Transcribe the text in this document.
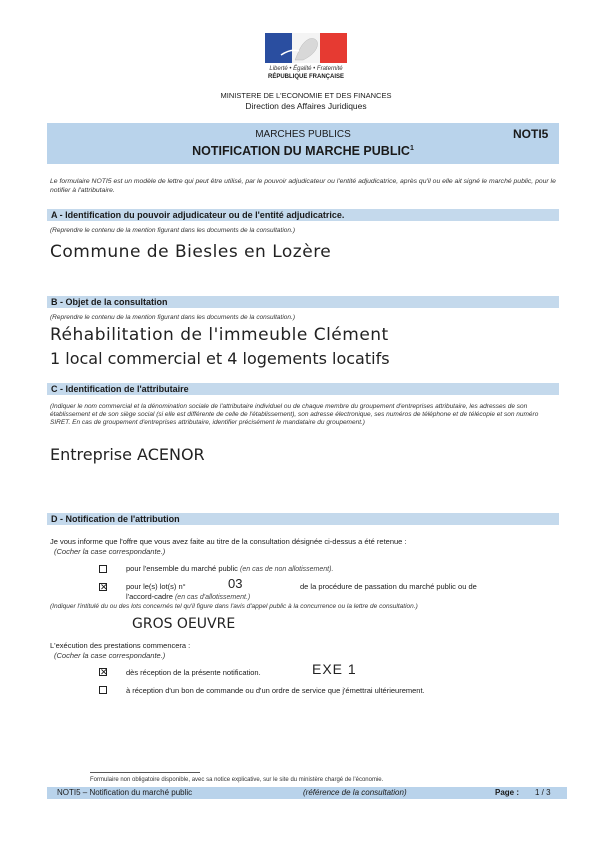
Liberté • Égalité • Fraternité
RÉPUBLIQUE FRANÇAISE
MINISTERE DE L'ECONOMIE ET DES FINANCES
Direction des Affaires Juridiques
MARCHES PUBLICS	NOTI5
NOTIFICATION DU MARCHE PUBLIC$^1$
Le formulaire NOTI5 est un modèle de lettre qui peut être utilisé, par le pouvoir adjudicateur ou l'entité adjudicatrice, après qu'il ou elle ait signé le marché public, pour le notifier à l'attributaire.
A - Identification du pouvoir adjudicateur ou de l'entité adjudicatrice.
(Reprendre le contenu de la mention figurant dans les documents de la consultation.)
Commune de Biesles en Lozère
B - Objet de la consultation
(Reprendre le contenu de la mention figurant dans les documents de la consultation.)
Réhabilitation de l'immeuble Clément
1 local commercial et 4 logements locatifs
C - Identification de l'attributaire
(Indiquer le nom commercial et la dénomination sociale de l'attributaire individuel ou de chaque membre du groupement d'entreprises attributaire, les adresses de son établissement et de son siège social (si elle est différente de celle de l'établissement), son adresse électronique, ses numéros de téléphone et de télécopie et son numéro SIRET. En cas de groupement d'entreprises attributaire, identifier précisément le mandataire du groupement.)
Entreprise ACENOR
D - Notification de l'attribution
Je vous informe que l'offre que vous avez faite au titre de la consultation désignée ci-dessus a été retenue :
(Cocher la case correspondante.)
pour l'ensemble du marché public (en cas de non allotissement).
✕ pour le(s) lot(s) n°	03	de la procédure de passation du marché public ou de
l'accord-cadre (en cas d'allotissement.)
(Indiquer l'intitulé du ou des lots concernés tel qu'il figure dans l'avis d'appel public à la concurrence ou la lettre de consultation.)
GROS OEUVRE
L'exécution des prestations commencera :
(Cocher la case correspondante.)
✕ dès réception de la présente notification.	EXE 1
à réception d'un bon de commande ou d'un ordre de service que j'émettrai ultérieurement.
Formulaire non obligatoire disponible, avec sa notice explicative, sur le site du ministère chargé de l'économie.
NOTI5 – Notification du marché public	(référence de la consultation)	Page : 1 / 3
